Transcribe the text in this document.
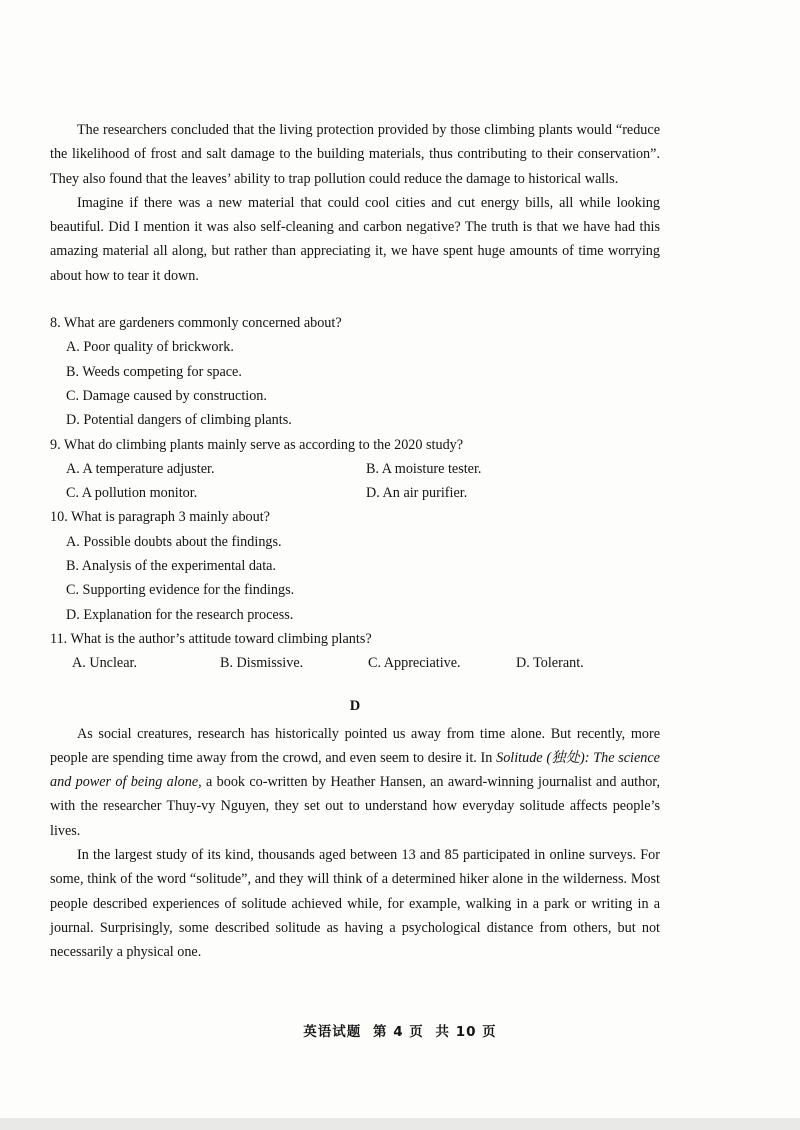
The researchers concluded that the living protection provided by those climbing plants would “reduce the likelihood of frost and salt damage to the building materials, thus contributing to their conservation”. They also found that the leaves’ ability to trap pollution could reduce the damage to historical walls.

Imagine if there was a new material that could cool cities and cut energy bills, all while looking beautiful. Did I mention it was also self-cleaning and carbon negative? The truth is that we have had this amazing material all along, but rather than appreciating it, we have spent huge amounts of time worrying about how to tear it down.

8. What are gardeners commonly concerned about?
A. Poor quality of brickwork.
B. Weeds competing for space.
C. Damage caused by construction.
D. Potential dangers of climbing plants.
9. What do climbing plants mainly serve as according to the 2020 study?
A. A temperature adjuster.	B. A moisture tester.
C. A pollution monitor.	D. An air purifier.
10. What is paragraph 3 mainly about?
A. Possible doubts about the findings.
B. Analysis of the experimental data.
C. Supporting evidence for the findings.
D. Explanation for the research process.
11. What is the author’s attitude toward climbing plants?
A. Unclear.	B. Dismissive.	C. Appreciative.	D. Tolerant.
D

As social creatures, research has historically pointed us away from time alone. But recently, more people are spending time away from the crowd, and even seem to desire it. In Solitude (独处): The science and power of being alone, a book co-written by Heather Hansen, an award-winning journalist and author, with the researcher Thuy-vy Nguyen, they set out to understand how everyday solitude affects people’s lives.

In the largest study of its kind, thousands aged between 13 and 85 participated in online surveys. For some, think of the word “solitude”, and they will think of a determined hiker alone in the wilderness. Most people described experiences of solitude achieved while, for example, walking in a park or writing in a journal. Surprisingly, some described solitude as having a psychological distance from others, but not necessarily a physical one.

英语试题 第 4 页 共 10 页
